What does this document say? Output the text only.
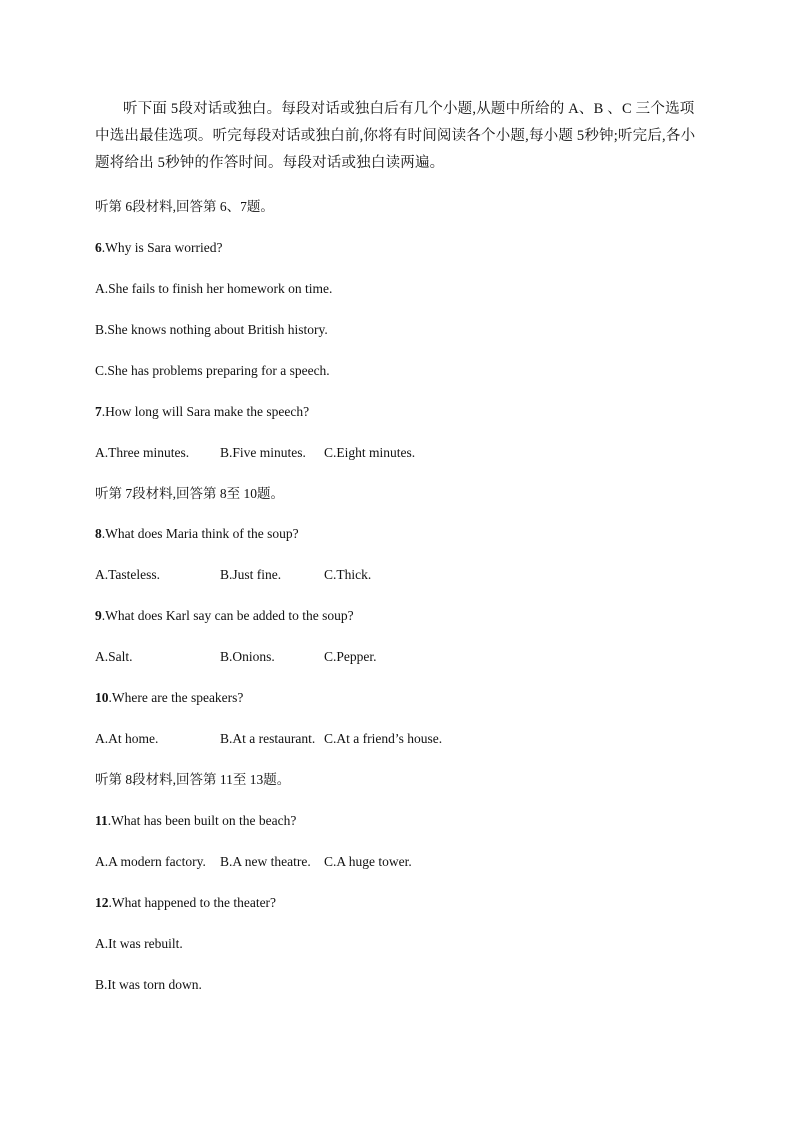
听下面 5段对话或独白。每段对话或独白后有几个小题,从题中所给的 A、B 、C 三个选项中选出最佳选项。听完每段对话或独白前,你将有时间阅读各个小题,每小题 5秒钟;听完后,各小题将给出 5秒钟的作答时间。每段对话或独白读两遍。

听第 6段材料,回答第 6、7题。

6.Why is Sara worried?

A.She fails to finish her homework on time.

B.She knows nothing about British history.

C.She has problems preparing for a speech.

7.How long will Sara make the speech?

A.Three minutes. B.Five minutes. C.Eight minutes.

听第 7段材料,回答第 8至 10题。

8.What does Maria think of the soup?

A.Tasteless.	B.Just fine.	C.Thick.

9.What does Karl say can be added to the soup?

A.Salt.	B.Onions.	C.Pepper.

10.Where are the speakers?

A.At home.	B.At a restaurant. C.At a friend’s house.

听第 8段材料,回答第 11至 13题。

11.What has been built on the beach?

A.A modern factory. B.A new theatre. C.A huge tower.

12.What happened to the theater?

A.It was rebuilt.

B.It was torn down.
